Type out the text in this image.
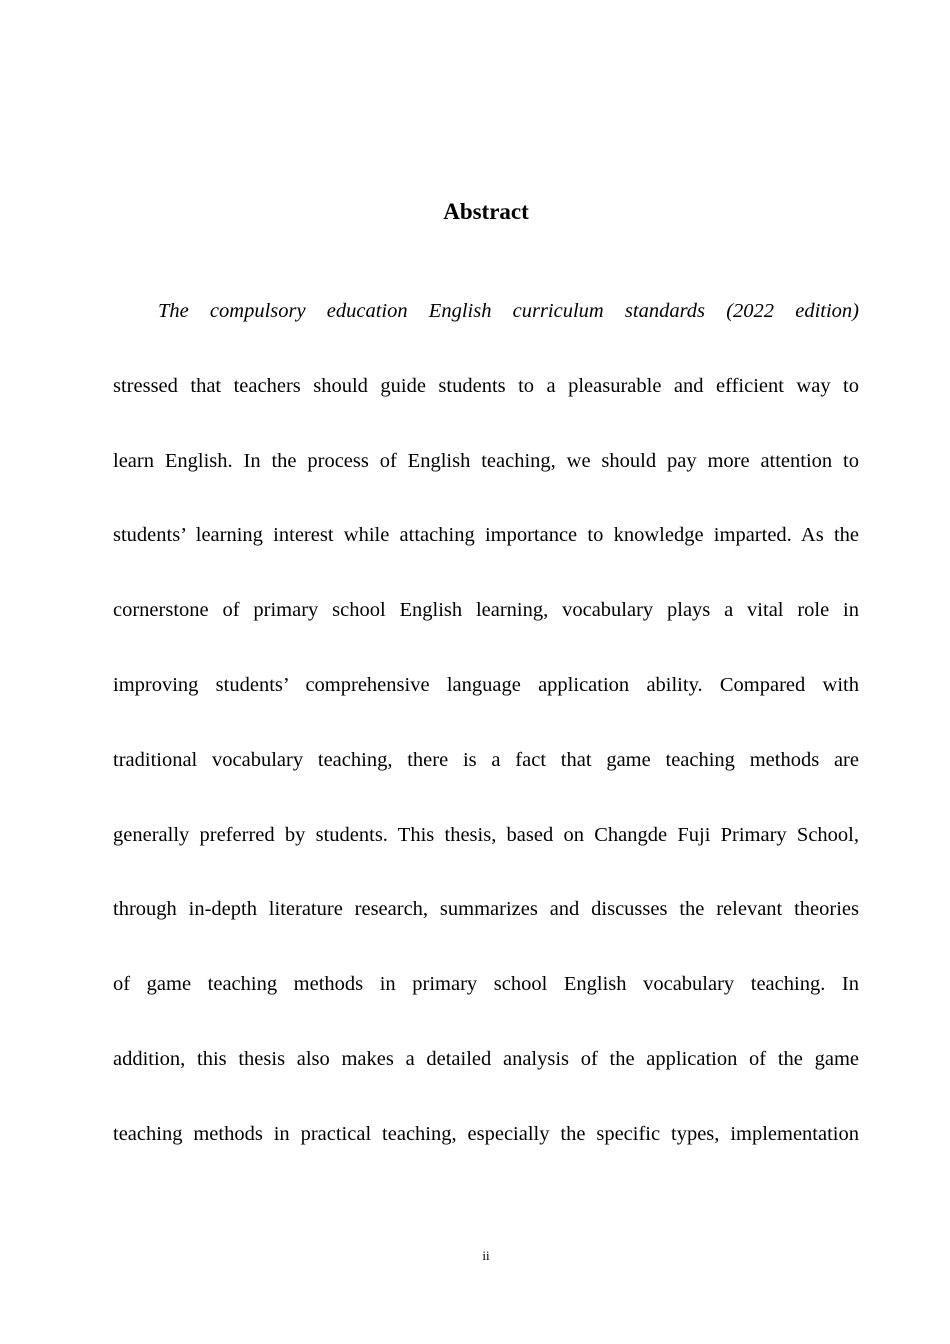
Abstract
The compulsory education English curriculum standards (2022 edition)
stressed that teachers should guide students to a pleasurable and efficient way to
learn English. In the process of English teaching, we should pay more attention to
students’ learning interest while attaching importance to knowledge imparted. As the
cornerstone of primary school English learning, vocabulary plays a vital role in
improving students’ comprehensive language application ability. Compared with
traditional vocabulary teaching, there is a fact that game teaching methods are
generally preferred by students. This thesis, based on Changde Fuji Primary School,
through in-depth literature research, summarizes and discusses the relevant theories
of game teaching methods in primary school English vocabulary teaching. In
addition, this thesis also makes a detailed analysis of the application of the game
teaching methods in practical teaching, especially the specific types, implementation
ii
